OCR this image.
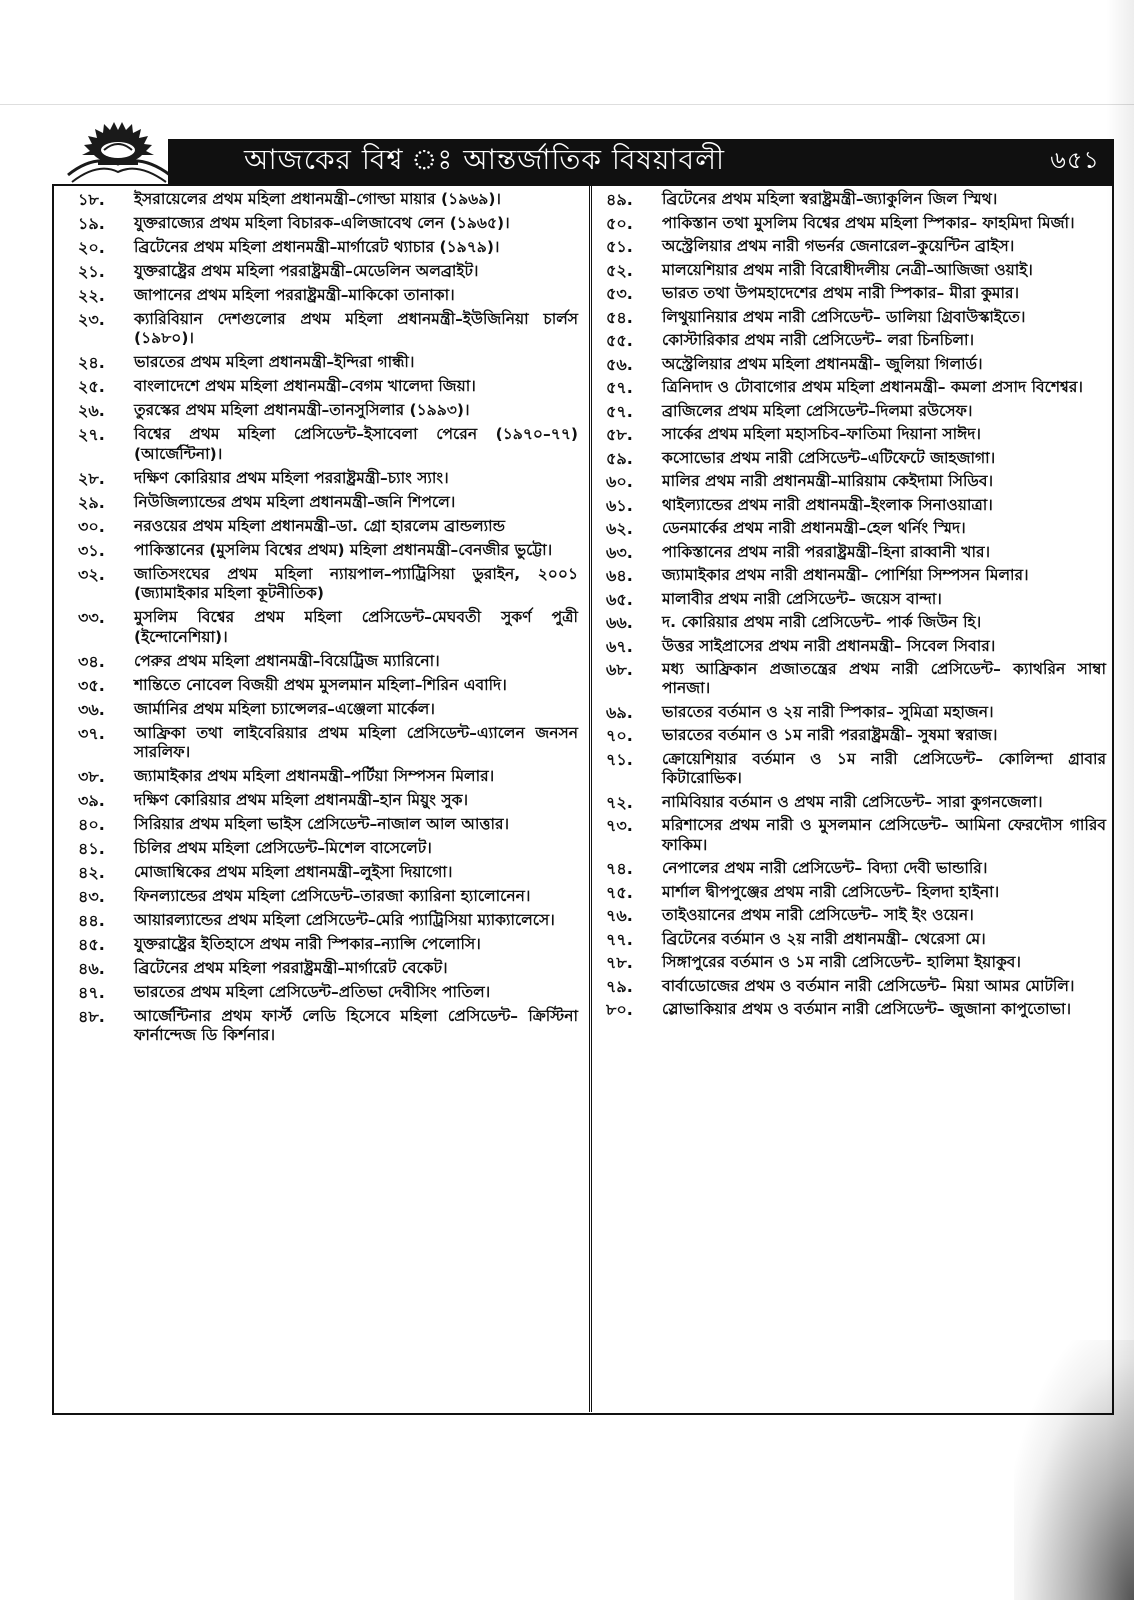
আজকের বিশ্ব ঃ আন্তর্জাতিক বিষয়াবলী	৬৫১
১৮.	ইসরায়েলের প্রথম মহিলা প্রধানমন্ত্রী–গোল্ডা মায়ার (১৯৬৯)।
১৯.	যুক্তরাজ্যের প্রথম মহিলা বিচারক–এলিজাবেথ লেন (১৯৬৫)।
২০.	ব্রিটেনের প্রথম মহিলা প্রধানমন্ত্রী–মার্গারেট থ্যাচার (১৯৭৯)।
২১.	যুক্তরাষ্ট্রের প্রথম মহিলা পররাষ্ট্রমন্ত্রী–মেডেলিন অলব্রাইট।
২২.	জাপানের প্রথম মহিলা পররাষ্ট্রমন্ত্রী–মাকিকো তানাকা।
২৩.	ক্যারিবিয়ান দেশগুলোর প্রথম মহিলা প্রধানমন্ত্রী–ইউজিনিয়া চার্লস (১৯৮০)।
২৪.	ভারতের প্রথম মহিলা প্রধানমন্ত্রী–ইন্দিরা গান্ধী।
২৫.	বাংলাদেশে প্রথম মহিলা প্রধানমন্ত্রী–বেগম খালেদা জিয়া।
২৬.	তুরস্কের প্রথম মহিলা প্রধানমন্ত্রী–তানসুসিলার (১৯৯৩)।
২৭.	বিশ্বের প্রথম মহিলা প্রেসিডেন্ট–ইসাবেলা পেরেন (১৯৭০–৭৭) (আর্জেন্টিনা)।
২৮.	দক্ষিণ কোরিয়ার প্রথম মহিলা পররাষ্ট্রমন্ত্রী–চ্যাং স্যাং।
২৯.	নিউজিল্যান্ডের প্রথম মহিলা প্রধানমন্ত্রী–জনি শিপলে।
৩০.	নরওয়ের প্রথম মহিলা প্রধানমন্ত্রী–ডা. গ্রো হারলেম ব্রান্ডল্যান্ড
৩১.	পাকিস্তানের (মুসলিম বিশ্বের প্রথম) মহিলা প্রধানমন্ত্রী–বেনজীর ভুট্টো।
৩২.	জাতিসংঘের প্রথম মহিলা ন্যায়পাল–প্যাট্রিসিয়া ডুরাইন, ২০০১ (জ্যামাইকার মহিলা কূটনীতিক)
৩৩.	মুসলিম বিশ্বের প্রথম মহিলা প্রেসিডেন্ট–মেঘবতী সুকর্ণ পুত্রী (ইন্দোনেশিয়া)।
৩৪.	পেরুর প্রথম মহিলা প্রধানমন্ত্রী–বিয়েট্রিজ ম্যারিনো।
৩৫.	শান্তিতে নোবেল বিজয়ী প্রথম মুসলমান মহিলা–শিরিন এবাদি।
৩৬.	জার্মানির প্রথম মহিলা চ্যান্সেলর–এঞ্জেলা মার্কেল।
৩৭.	আফ্রিকা তথা লাইবেরিয়ার প্রথম মহিলা প্রেসিডেন্ট–এ্যালেন জনসন সারলিফ।
৩৮.	জ্যামাইকার প্রথম মহিলা প্রধানমন্ত্রী–পর্টিয়া সিম্পসন মিলার।
৩৯.	দক্ষিণ কোরিয়ার প্রথম মহিলা প্রধানমন্ত্রী–হান মিয়ুং সুক।
৪০.	সিরিয়ার প্রথম মহিলা ভাইস প্রেসিডেন্ট–নাজাল আল আত্তার।
৪১.	চিলির প্রথম মহিলা প্রেসিডেন্ট–মিশেল বাসেলেট।
৪২.	মোজাম্বিকের প্রথম মহিলা প্রধানমন্ত্রী–লুইসা দিয়াগো।
৪৩.	ফিনল্যান্ডের প্রথম মহিলা প্রেসিডেন্ট–তারজা ক্যারিনা হ্যালোনেন।
৪৪.	আয়ারল্যান্ডের প্রথম মহিলা প্রেসিডেন্ট–মেরি প্যাট্রিসিয়া ম্যাক্যালেসে।
৪৫.	যুক্তরাষ্ট্রের ইতিহাসে প্রথম নারী স্পিকার–ন্যান্সি পেলোসি।
৪৬.	ব্রিটেনের প্রথম মহিলা পররাষ্ট্রমন্ত্রী–মার্গারেট বেকেট।
৪৭.	ভারতের প্রথম মহিলা প্রেসিডেন্ট–প্রতিভা দেবীসিং পাতিল।
৪৮.	আর্জেন্টিনার প্রথম ফার্স্ট লেডি হিসেবে মহিলা প্রেসিডেন্ট– ক্রিস্টিনা ফার্নান্দেজ ডি কির্শনার।
৪৯.	ব্রিটেনের প্রথম মহিলা স্বরাষ্ট্রমন্ত্রী–জ্যাকুলিন জিল স্মিথ।
৫০.	পাকিস্তান তথা মুসলিম বিশ্বের প্রথম মহিলা স্পিকার– ফাহমিদা মির্জা।
৫১.	অস্ট্রেলিয়ার প্রথম নারী গভর্নর জেনারেল–কুয়েন্টিন ব্রাইস।
৫২.	মালয়েশিয়ার প্রথম নারী বিরোধীদলীয় নেত্রী–আজিজা ওয়াই।
৫৩.	ভারত তথা উপমহাদেশের প্রথম নারী স্পিকার– মীরা কুমার।
৫৪.	লিথুয়ানিয়ার প্রথম নারী প্রেসিডেন্ট– ডালিয়া গ্রিবাউস্কাইতে।
৫৫.	কোস্টারিকার প্রথম নারী প্রেসিডেন্ট– লরা চিনচিলা।
৫৬.	অস্ট্রেলিয়ার প্রথম মহিলা প্রধানমন্ত্রী– জুলিয়া গিলার্ড।
৫৭.	ত্রিনিদাদ ও টোবাগোর প্রথম মহিলা প্রধানমন্ত্রী– কমলা প্রসাদ বিশেশ্বর।
৫৭.	ব্রাজিলের প্রথম মহিলা প্রেসিডেন্ট–দিলমা রউসেফ।
৫৮.	সার্কের প্রথম মহিলা মহাসচিব–ফাতিমা দিয়ানা সাঈদ।
৫৯.	কসোভোর প্রথম নারী প্রেসিডেন্ট–এটিফেটে জাহজাগা।
৬০.	মালির প্রথম নারী প্রধানমন্ত্রী–মারিয়াম কেইদামা সিডিব।
৬১.	থাইল্যান্ডের প্রথম নারী প্রধানমন্ত্রী–ইংলাক সিনাওয়াত্রা।
৬২.	ডেনমার্কের প্রথম নারী প্রধানমন্ত্রী–হেল থর্নিং স্মিদ।
৬৩.	পাকিস্তানের প্রথম নারী পররাষ্ট্রমন্ত্রী–হিনা রাব্বানী খার।
৬৪.	জ্যামাইকার প্রথম নারী প্রধানমন্ত্রী– পোর্শিয়া সিম্পসন মিলার।
৬৫.	মালাবীর প্রথম নারী প্রেসিডেন্ট– জয়েস বান্দা।
৬৬.	দ. কোরিয়ার প্রথম নারী প্রেসিডেন্ট– পার্ক জিউন হি।
৬৭.	উত্তর সাইপ্রাসের প্রথম নারী প্রধানমন্ত্রী– সিবেল সিবার।
৬৮.	মধ্য আফ্রিকান প্রজাতন্ত্রের প্রথম নারী প্রেসিডেন্ট– ক্যাথরিন সাম্বা পানজা।
৬৯.	ভারতের বর্তমান ও ২য় নারী স্পিকার– সুমিত্রা মহাজন।
৭০.	ভারতের বর্তমান ও ১ম নারী পররাষ্ট্রমন্ত্রী– সুষমা স্বরাজ।
৭১.	ক্রোয়েশিয়ার বর্তমান ও ১ম নারী প্রেসিডেন্ট– কোলিন্দা গ্রাবার কিটারোভিক।
৭২.	নামিবিয়ার বর্তমান ও প্রথম নারী প্রেসিডেন্ট– সারা কুগনজেলা।
৭৩.	মরিশাসের প্রথম নারী ও মুসলমান প্রেসিডেন্ট– আমিনা ফেরদৌস গারিব ফাকিম।
৭৪.	নেপালের প্রথম নারী প্রেসিডেন্ট– বিদ্যা দেবী ভান্ডারি।
৭৫.	মার্শাল দ্বীপপুঞ্জের প্রথম নারী প্রেসিডেন্ট– হিলদা হাইনা।
৭৬.	তাইওয়ানের প্রথম নারী প্রেসিডেন্ট– সাই ইং ওয়েন।
৭৭.	ব্রিটেনের বর্তমান ও ২য় নারী প্রধানমন্ত্রী– থেরেসা মে।
৭৮.	সিঙ্গাপুরের বর্তমান ও ১ম নারী প্রেসিডেন্ট– হালিমা ইয়াকুব।
৭৯.	বার্বাডোজের প্রথম ও বর্তমান নারী প্রেসিডেন্ট– মিয়া আমর মোটলি।
৮০.	স্লোভাকিয়ার প্রথম ও বর্তমান নারী প্রেসিডেন্ট– জুজানা কাপুতোভা।
